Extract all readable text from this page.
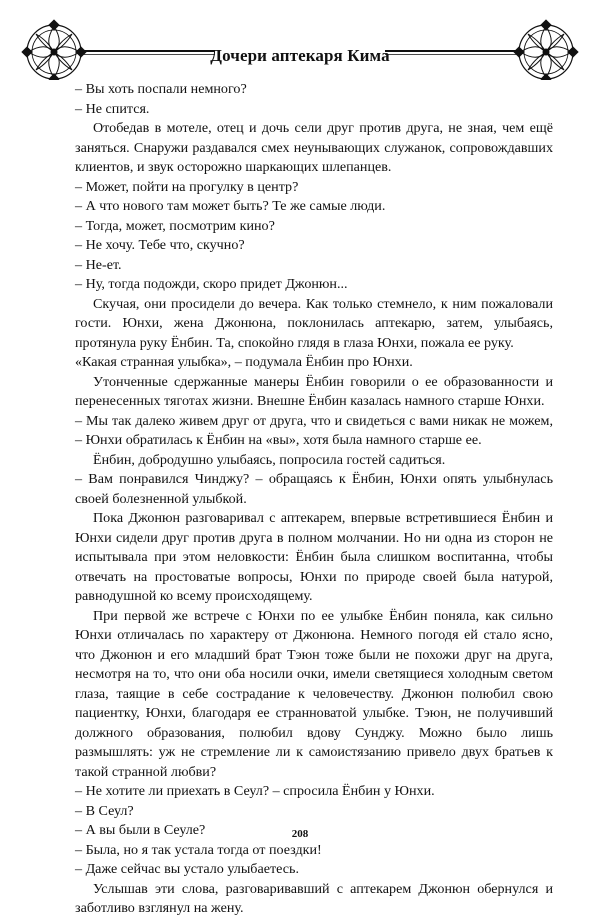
Дочери аптекаря Кима

– Вы хоть поспали немного?

– Не спится.

Отобедав в мотеле, отец и дочь сели друг против друга, не зная, чем ещё заняться. Снаружи раздавался смех неунывающих служанок, сопровождавших клиентов, и звук осторожно шаркающих шлепанцев.

– Может, пойти на прогулку в центр?

– А что нового там может быть? Те же самые люди.

– Тогда, может, посмотрим кино?

– Не хочу. Тебе что, скучно?

– Не-ет.

– Ну, тогда подожди, скоро придет Джонюн...

Скучая, они просидели до вечера. Как только стемнело, к ним пожаловали гости. Юнхи, жена Джонюна, поклонилась аптекарю, затем, улыбаясь, протянула руку Ёнбин. Та, спокойно глядя в глаза Юнхи, пожала ее руку.

«Какая странная улыбка», – подумала Ёнбин про Юнхи.

Утонченные сдержанные манеры Ёнбин говорили о ее образованности и перенесенных тяготах жизни. Внешне Ёнбин казалась намного старше Юнхи.

– Мы так далеко живем друг от друга, что и свидеться с вами никак не можем, – Юнхи обратилась к Ёнбин на «вы», хотя была намного старше ее.

Ёнбин, добродушно улыбаясь, попросила гостей садиться.

– Вам понравился Чинджу? – обращаясь к Ёнбин, Юнхи опять улыбнулась своей болезненной улыбкой.

Пока Джонюн разговаривал с аптекарем, впервые встретившиеся Ёнбин и Юнхи сидели друг против друга в полном молчании. Но ни одна из сторон не испытывала при этом неловкости: Ёнбин была слишком воспитанна, чтобы отвечать на простоватые вопросы, Юнхи по природе своей была натурой, равнодушной ко всему происходящему.

При первой же встрече с Юнхи по ее улыбке Ёнбин поняла, как сильно Юнхи отличалась по характеру от Джонюна. Немного погодя ей стало ясно, что Джонюн и его младший брат Тэюн тоже были не похожи друг на друга, несмотря на то, что они оба носили очки, имели светящиеся холодным светом глаза, таящие в себе сострадание к человечеству. Джонюн полюбил свою пациентку, Юнхи, благодаря ее странноватой улыбке. Тэюн, не получивший должного образования, полюбил вдову Сунджу. Можно было лишь размышлять: уж не стремление ли к самоистязанию привело двух братьев к такой странной любви?

– Не хотите ли приехать в Сеул? – спросила Ёнбин у Юнхи.

– В Сеул?

– А вы были в Сеуле?

– Была, но я так устала тогда от поездки!

– Даже сейчас вы устало улыбаетесь.

Услышав эти слова, разговаривавший с аптекарем Джонюн обернулся и заботливо взглянул на жену.

208
